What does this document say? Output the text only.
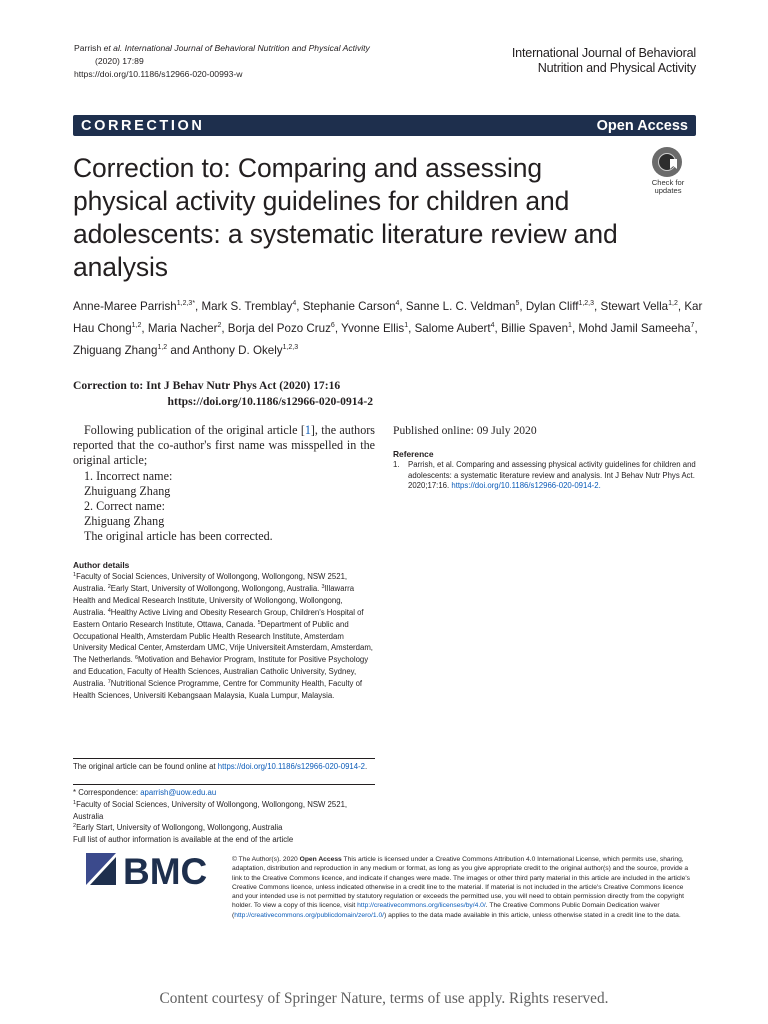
Parrish et al. International Journal of Behavioral Nutrition and Physical Activity
(2020) 17:89
https://doi.org/10.1186/s12966-020-00993-w
International Journal of Behavioral
Nutrition and Physical Activity
CORRECTION	Open Access
Correction to: Comparing and assessing physical activity guidelines for children and adolescents: a systematic literature review and analysis
Check for
updates
Anne-Maree Parrish$^{1,2,3*}$, Mark S. Tremblay$^4$, Stephanie Carson$^4$, Sanne L. C. Veldman$^5$, Dylan Cliff$^{1,2,3}$, Stewart Vella$^{1,2}$, Kar Hau Chong$^{1,2}$, Maria Nacher$^2$, Borja del Pozo Cruz$^6$, Yvonne Ellis$^1$, Salome Aubert$^4$, Billie Spaven$^1$, Mohd Jamil Sameeha$^7$, Zhiguang Zhang$^{1,2}$ and Anthony D. Okely$^{1,2,3}$
Correction to: Int J Behav Nutr Phys Act (2020) 17:16
https://doi.org/10.1186/s12966-020-0914-2

Following publication of the original article [1], the authors reported that the co-author's first name was misspelled in the original article;

1. Incorrect name:

Zhuiguang Zhang

2. Correct name:

Zhiguang Zhang

The original article has been corrected.

Published online: 09 July 2020
Reference
1.	Parrish, et al. Comparing and assessing physical activity guidelines for children and adolescents: a systematic literature review and analysis. Int J Behav Nutr Phys Act. 2020;17:16. https://doi.org/10.1186/s12966-020-0914-2.
Author details
$^1$Faculty of Social Sciences, University of Wollongong, Wollongong, NSW 2521, Australia. $^2$Early Start, University of Wollongong, Wollongong, Australia. $^3$Illawarra Health and Medical Research Institute, University of Wollongong, Wollongong, Australia. $^4$Healthy Active Living and Obesity Research Group, Children's Hospital of Eastern Ontario Research Institute, Ottawa, Canada. $^5$Department of Public and Occupational Health, Amsterdam Public Health Research Institute, Amsterdam University Medical Center, Amsterdam UMC, Vrije Universiteit Amsterdam, Amsterdam, The Netherlands. $^6$Motivation and Behavior Program, Institute for Positive Psychology and Education, Faculty of Health Sciences, Australian Catholic University, Sydney, Australia. $^7$Nutritional Science Programme, Centre for Community Health, Faculty of Health Sciences, Universiti Kebangsaan Malaysia, Kuala Lumpur, Malaysia.
The original article can be found online at https://doi.org/10.1186/s12966-020-0914-2.
* Correspondence: aparrish@uow.edu.au
$^1$Faculty of Social Sciences, University of Wollongong, Wollongong, NSW 2521, Australia
$^2$Early Start, University of Wollongong, Wollongong, Australia
Full list of author information is available at the end of the article
BMC	© The Author(s). 2020 Open Access This article is licensed under a Creative Commons Attribution 4.0 International License, which permits use, sharing, adaptation, distribution and reproduction in any medium or format, as long as you give appropriate credit to the original author(s) and the source, provide a link to the Creative Commons licence, and indicate if changes were made. The images or other third party material in this article are included in the article's Creative Commons licence, unless indicated otherwise in a credit line to the material. If material is not included in the article's Creative Commons licence and your intended use is not permitted by statutory regulation or exceeds the permitted use, you will need to obtain permission directly from the copyright holder. To view a copy of this licence, visit http://creativecommons.org/licenses/by/4.0/. The Creative Commons Public Domain Dedication waiver (http://creativecommons.org/publicdomain/zero/1.0/) applies to the data made available in this article, unless otherwise stated in a credit line to the data.
Content courtesy of Springer Nature, terms of use apply. Rights reserved.
